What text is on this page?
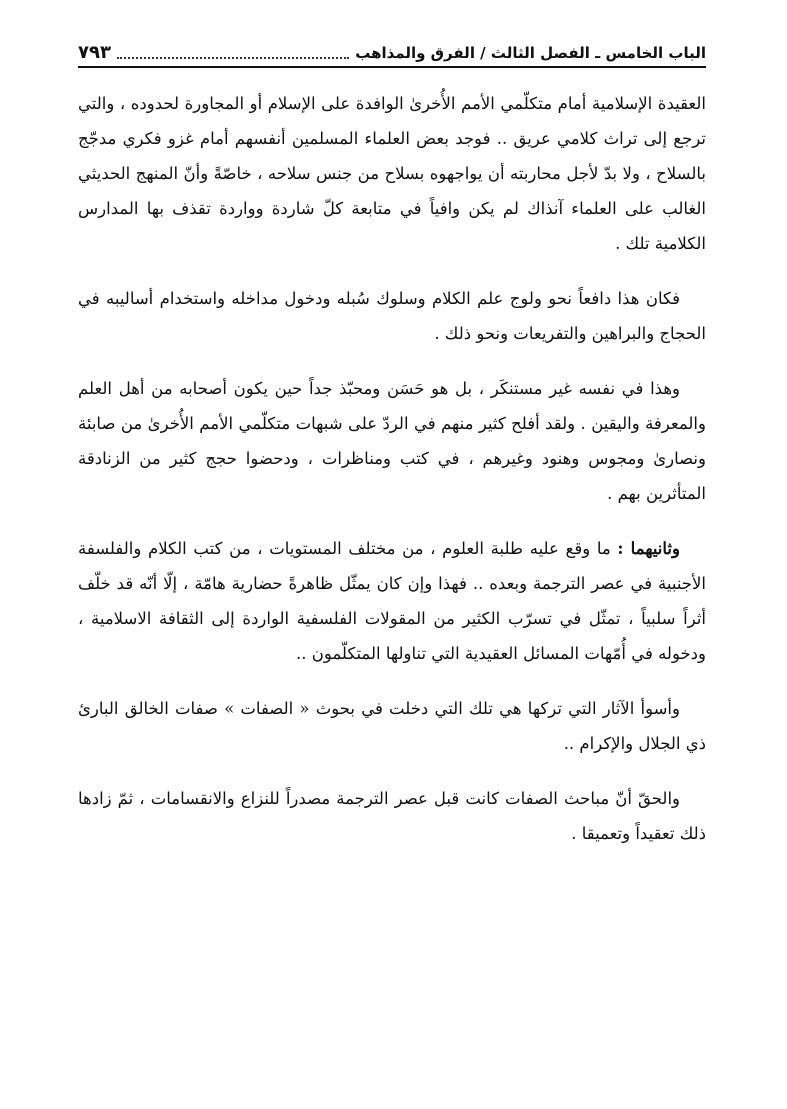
الباب الخامس ـ الفصل الثالث / الفرق والمذاهب
٧٩٣

العقيدة الإسلامية أمام متكلّمي الأمم الأُخرىٰ الوافدة على الإسلام أو المجاورة لحدوده ، والتي ترجع إلى تراث كلامي عريق .. فوجد بعض العلماء المسلمين أنفسهم أمام غزو فكري مدجّج بالسلاح ، ولا بدّ لأجل محاربته أن يواجهوه بسلاح من جنس سلاحه ، خاصّةً وأنّ المنهج الحديثي الغالب على العلماء آنذاك لم يكن وافياً في متابعة كلّ شاردة وواردة تقذف بها المدارس الكلامية تلك .

فكان هذا دافعاً نحو ولوج علم الكلام وسلوك سُبله ودخول مداخله واستخدام أساليبه في الحجاج والبراهين والتفريعات ونحو ذلك .

وهذا في نفسه غير مستنكَر ، بل هو حَسَن ومحبّذ جداً حين يكون أصحابه من أهل العلم والمعرفة واليقين . ولقد أفلح كثير منهم في الردّ على شبهات متكلّمي الأمم الأُخرىٰ من صابئة ونصارىٰ ومجوس وهنود وغيرهم ، في كتب ومناظرات ، ودحضوا حجج كثير من الزنادقة المتأثرين بهم .

وثانيهما : ما وقع عليه طلبة العلوم ، من مختلف المستويات ، من كتب الكلام والفلسفة الأجنبية في عصر الترجمة وبعده .. فهذا وإن كان يمثّل ظاهرةً حضارية هامّة ، إلّا أنّه قد خلّف أثراً سلبياً ، تمثّل في تسرّب الكثير من المقولات الفلسفية الواردة إلى الثقافة الاسلامية ، ودخوله في أُمّهات المسائل العقيدية التي تناولها المتكلّمون ..

وأسوأ الآثار التي تركها هي تلك التي دخلت في بحوث « الصفات » صفات الخالق البارئ ذي الجلال والإكرام ..

والحقّ أنّ مباحث الصفات كانت قبل عصر الترجمة مصدراً للنزاع والانقسامات ، ثمّ زادها ذلك تعقيداً وتعميقا .
